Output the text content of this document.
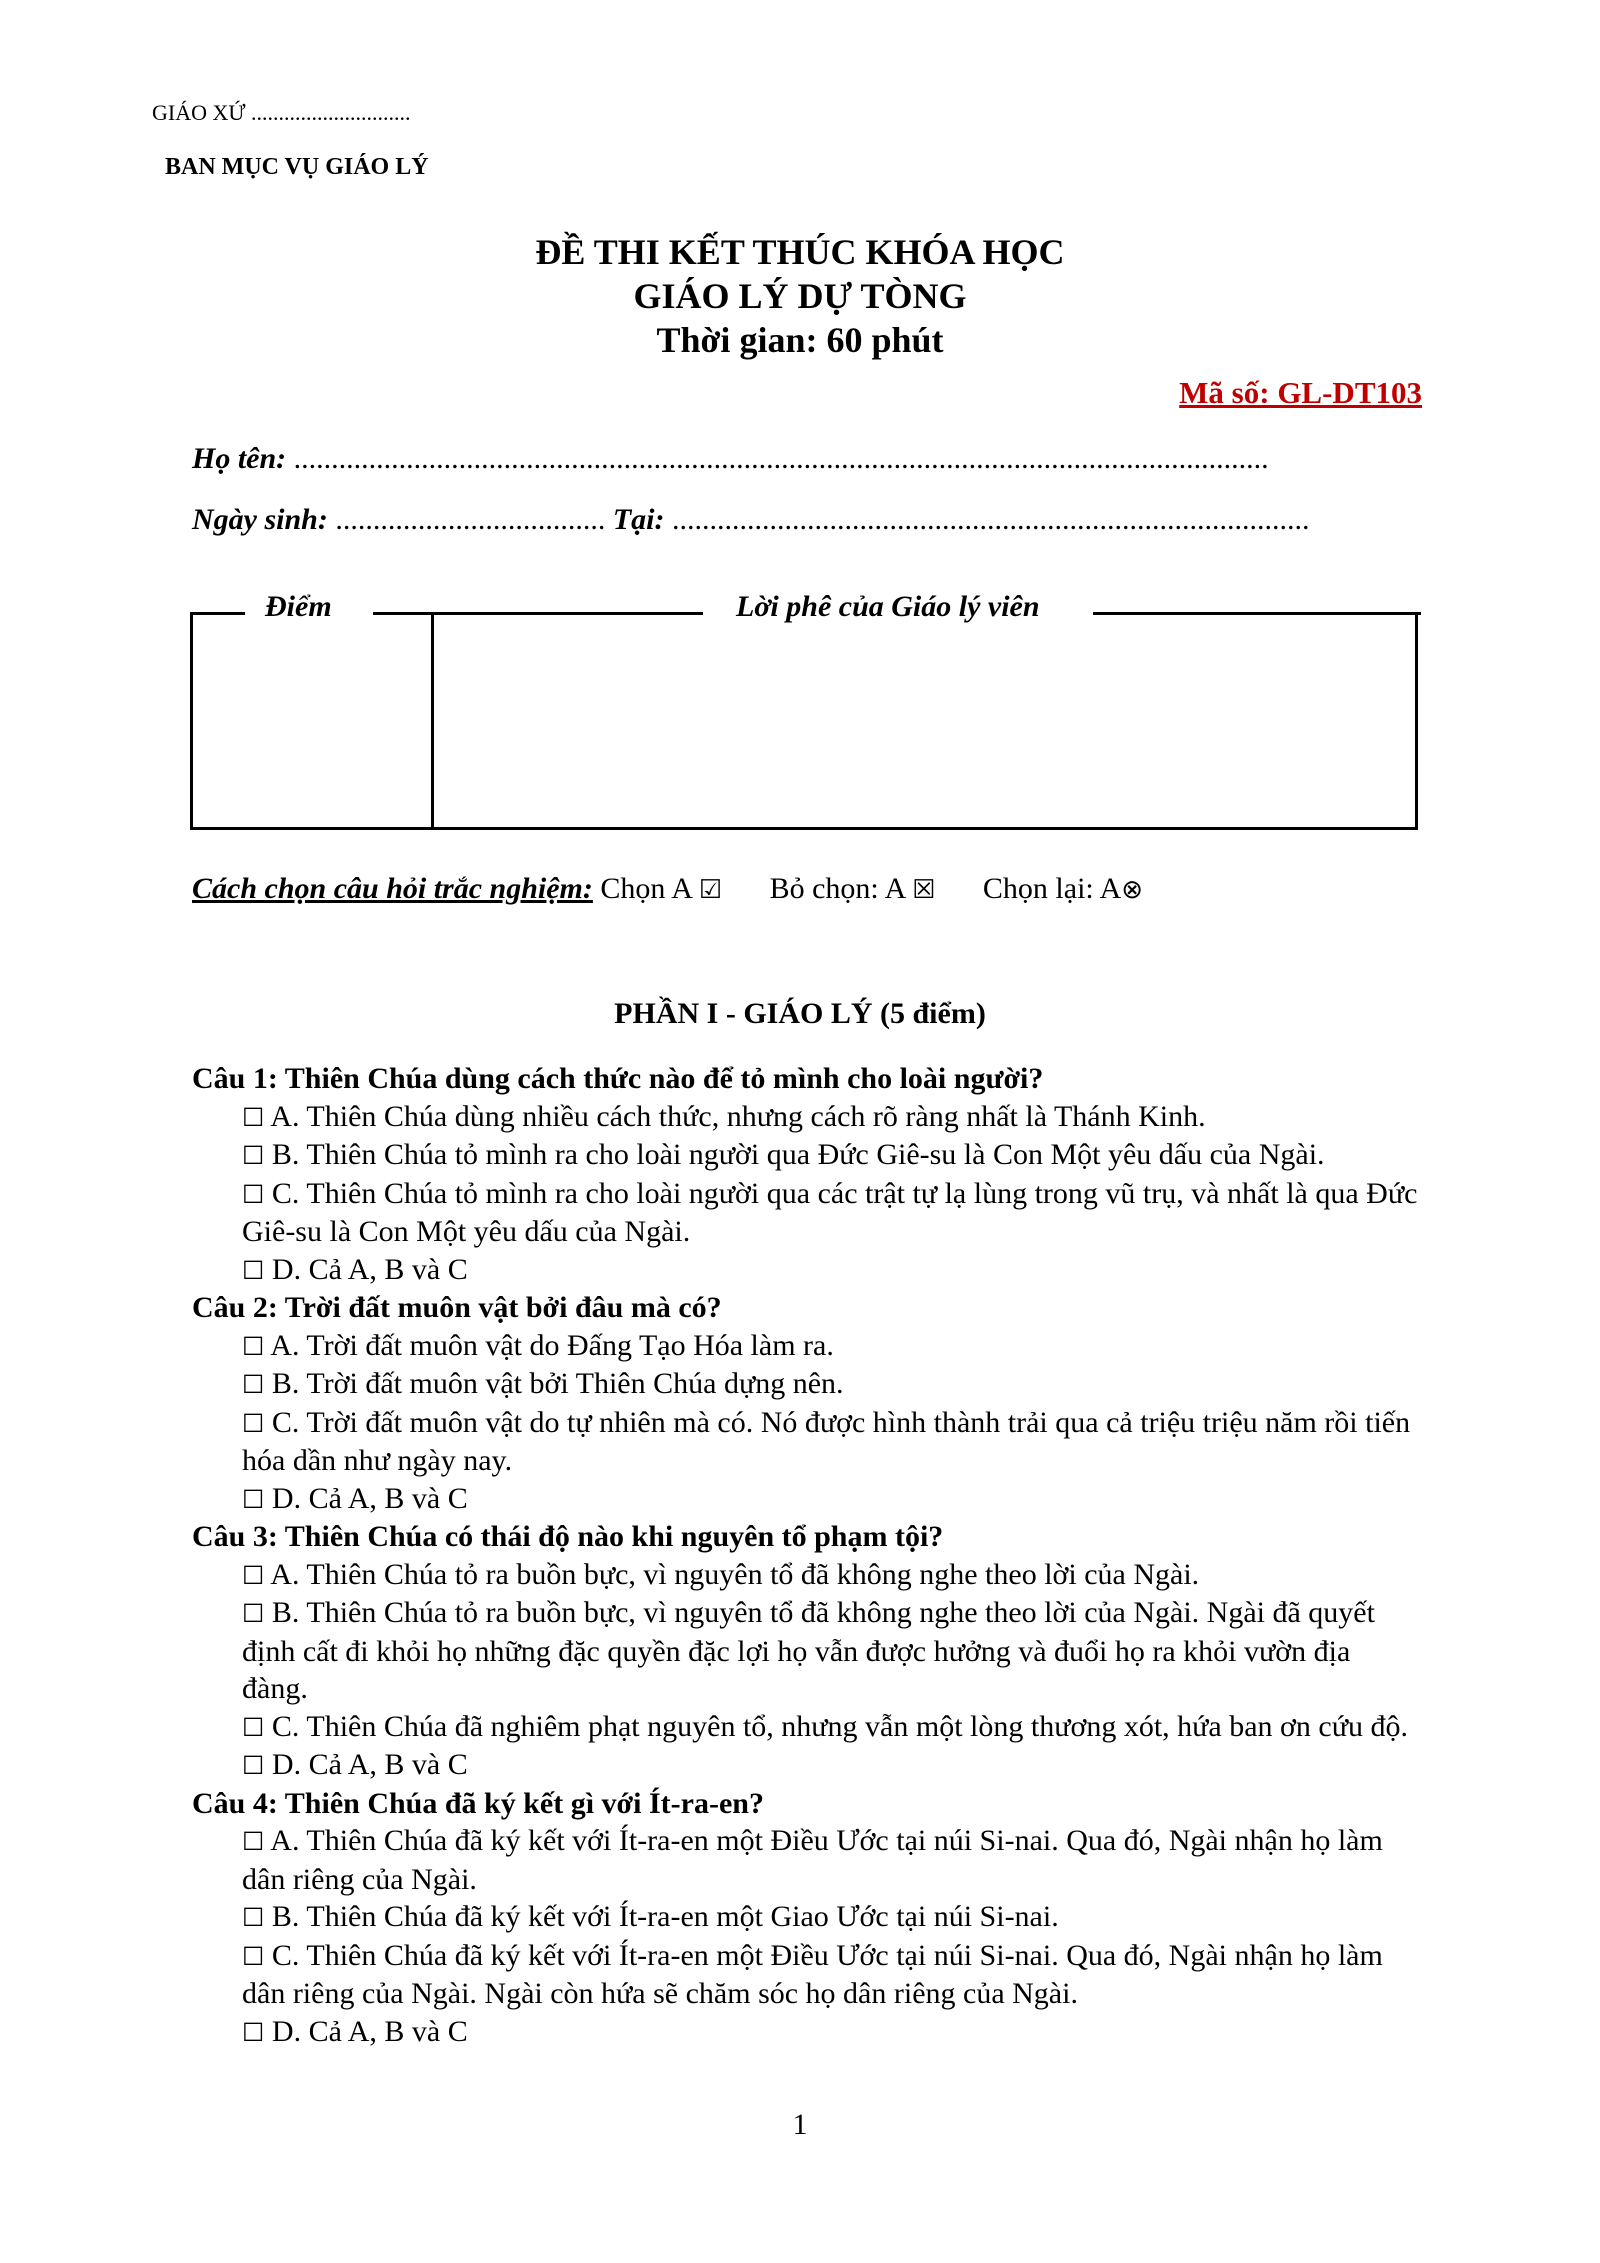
GIÁO XỨ .............................
BAN MỤC VỤ GIÁO LÝ
ĐỀ THI KẾT THÚC KHÓA HỌC
GIÁO LÝ DỰ TÒNG
Thời gian: 60 phút
Mã số: GL-DT103
Họ tên: ..................................................................................................................................
Ngày sinh: .................................... Tại: .....................................................................................
Điểm	Lời phê của Giáo lý viên
Cách chọn câu hỏi trắc nghiệm: Chọn A ☑ Bỏ chọn: A ☒ Chọn lại: A⊗
PHẦN I - GIÁO LÝ (5 điểm)
Câu 1: Thiên Chúa dùng cách thức nào để tỏ mình cho loài người?
☐ A. Thiên Chúa dùng nhiều cách thức, nhưng cách rõ ràng nhất là Thánh Kinh.
☐ B. Thiên Chúa tỏ mình ra cho loài người qua Đức Giê-su là Con Một yêu dấu của Ngài.
☐ C. Thiên Chúa tỏ mình ra cho loài người qua các trật tự lạ lùng trong vũ trụ, và nhất là qua Đức Giê-su là Con Một yêu dấu của Ngài.
☐ D. Cả A, B và C
Câu 2: Trời đất muôn vật bởi đâu mà có?
☐ A. Trời đất muôn vật do Đấng Tạo Hóa làm ra.
☐ B. Trời đất muôn vật bởi Thiên Chúa dựng nên.
☐ C. Trời đất muôn vật do tự nhiên mà có. Nó được hình thành trải qua cả triệu triệu năm rồi tiến hóa dần như ngày nay.
☐ D. Cả A, B và C
Câu 3: Thiên Chúa có thái độ nào khi nguyên tổ phạm tội?
☐ A. Thiên Chúa tỏ ra buồn bực, vì nguyên tổ đã không nghe theo lời của Ngài.
☐ B. Thiên Chúa tỏ ra buồn bực, vì nguyên tổ đã không nghe theo lời của Ngài. Ngài đã quyết định cất đi khỏi họ những đặc quyền đặc lợi họ vẫn được hưởng và đuổi họ ra khỏi vườn địa đàng.
☐ C. Thiên Chúa đã nghiêm phạt nguyên tổ, nhưng vẫn một lòng thương xót, hứa ban ơn cứu độ.
☐ D. Cả A, B và C
Câu 4: Thiên Chúa đã ký kết gì với Ít-ra-en?
☐ A. Thiên Chúa đã ký kết với Ít-ra-en một Điều Ước tại núi Si-nai. Qua đó, Ngài nhận họ làm dân riêng của Ngài.
☐ B. Thiên Chúa đã ký kết với Ít-ra-en một Giao Ước tại núi Si-nai.
☐ C. Thiên Chúa đã ký kết với Ít-ra-en một Điều Ước tại núi Si-nai. Qua đó, Ngài nhận họ làm dân riêng của Ngài. Ngài còn hứa sẽ chăm sóc họ dân riêng của Ngài.
☐ D. Cả A, B và C
1
